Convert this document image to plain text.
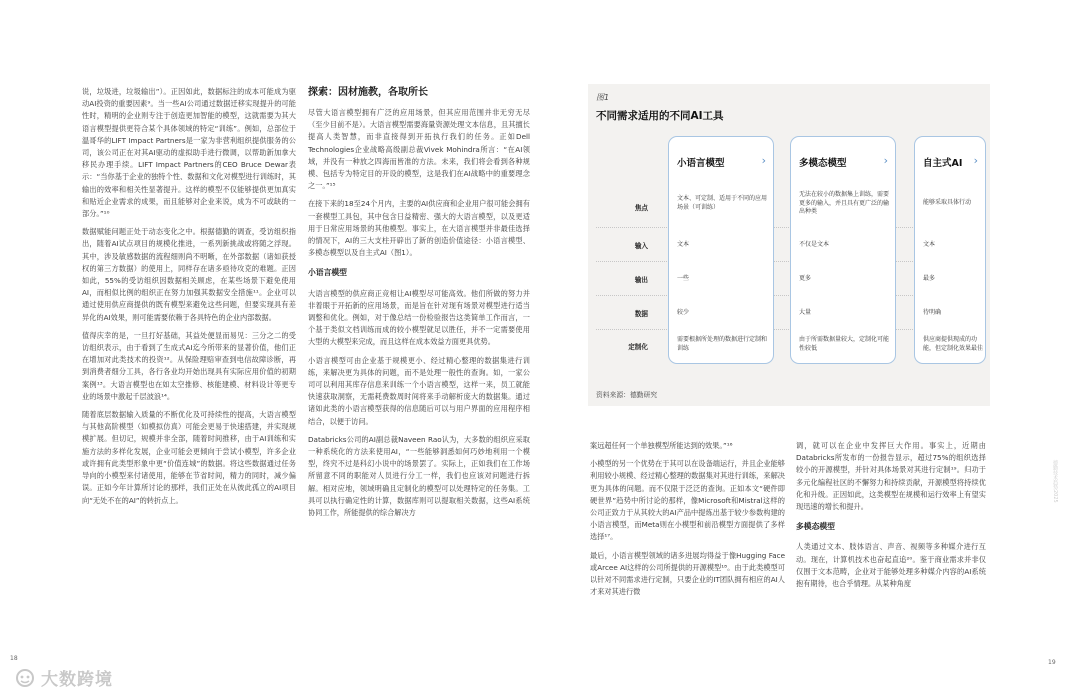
说，垃圾进，垃圾输出”）。正因如此，数据标注的成本可能成为驱动AI投资的重要因素⁹。当一些AI公司通过数据迁移实现提升的可能性时，精明的企业则专注于创造更加智能的模型，这就需要为其大语言模型提供更符合某个具体领域的特定“训练”。例如，总部位于温哥华的LIFT Impact Partners是一家为非营利组织提供服务的公司，该公司正在对其AI驱动的虚拟助手进行微调，以帮助新加拿大移民办理手续。LIFT Impact Partners的CEO Bruce Dewar表示：“当你基于企业的独特个性、数据和文化对模型进行训练时，其输出的效率和相关性显著提升。这样的模型不仅能够提供更加真实和贴近企业需求的成果，而且能够对企业来说，成为不可或缺的一部分。”¹⁰

数据赋能问题正处于动态变化之中。根据德勤的调查，受访组织指出，随着AI试点项目的规模化推进，一系列新挑战或将随之浮现。其中，涉及敏感数据的流程细则尚不明晰，在外部数据（诸如获授权的第三方数据）的使用上，同样存在诸多亟待攻克的难题。正因如此，55%的受访组织因数据相关顾虑，在某些场景下避免使用AI，而相似比例的组织正在努力加强其数据安全措施¹¹。企业可以通过使用供应商提供的既有模型来避免这些问题，但要实现具有差异化的AI效果，则可能需要依赖于各具特色的企业内部数据。

值得庆幸的是，一旦打好基础，其益处便显而易见：三分之二的受访组织表示，由于看到了生成式AI迄今所带来的显著价值，他们正在增加对此类技术的投资¹²。从保险理赔审查到电信故障诊断，再到消费者细分工具，各行各业均开始出现具有实际应用价值的初期案例¹³。大语言模型也在如太空推修、核能建模、材料设计等更专业的场景中激起千层波浪¹⁴。

随着底层数据输入质量的不断优化及可持续性的提高，大语言模型与其他高阶模型（如模拟仿真）可能会更易于快速搭建，并实现规模扩展。但切记，规模并非全部，随着时间推移，由于AI训练和实施方法的多样化发展，企业可能会更倾向于尝试小模型，许多企业或许拥有此类型形象中更“价值连城”的数据。将这些数据通过任务导向的小模型来付诸使用，能够在节省时间，精力的同时，减少偏误。正如今年计算所讨论的那样，我们正处在从彼此孤立的AI项目向“无处不在的AI”的转折点上。

探索：因材施教，各取所长

尽管大语言模型拥有广泛的应用场景，但其应用范围并非无穷无尽（至少目前不是）。大语言模型需要海量资源处理文本信息，且其擅长提高人类智慧，而非直接得到开拓执行我们的任务。正如Dell Technologies企业战略高级副总裁Vivek Mohindra所言：“在AI领域，并没有一种放之四海而皆准的方法。未来，我们将会看到各种规模、包括专为特定目的开设的模型，这是我们在AI战略中的重要理念之一。”¹⁵

在接下来的18至24个月内，主要的AI供应商和企业用户很可能会拥有一套模型工具包，其中包含日益精密、强大的大语言模型，以及更适用于日常应用场景的其他模型。事实上，在大语言模型并非最佳选择的情况下，AI的三大支柱开辟出了新的创造价值途径：小语言模型、多模态模型以及自主式AI（图1）。

小语言模型

大语言模型的供应商正竞相让AI模型尽可能高效。他们所做的努力并非着眼于开拓新的应用场景，而是旨在针对现有场景对模型进行适当调整和优化。例如，对于像总结一份检验报告这类简单工作而言，一个基于类似文档训练而成的较小模型就足以胜任，并不一定需要使用大型的大模型来完成，而且这样在成本效益方面更具优势。

小语言模型可由企业基于规模更小、经过精心整理的数据集进行训练，来解决更为具体的问题，而不是处理一般性的查询。如，一家公司可以利用其库存信息来训练一个小语言模型，这样一来，员工就能快速获取洞察，无需耗费数周时间将来手动解析庞大的数据集。通过诸如此类的小语言模型获得的信息随后可以与用户界面的应用程序相结合，以便于访问。

Databricks公司的AI副总裁Naveen Rao认为，大多数的组织应采取一种系统化的方法来使用AI，“一些能够洞悉如何巧妙地利用一个模型，终究不过是科幻小说中的场景罢了。实际上，正如我们在工作场所留意不同的职能对人员进行分工一样，我们也应该对问题进行拆解。相对应地，领域明确且定制化的模型可以处理特定的任务集。工具可以执行确定性的计算，数据库则可以提取相关数据，这些AI系统协同工作，所能提供的综合解决方

图1
不同需求适用的不同AI工具
焦点
输入
输出
数据
定制化
小语言模型	›
文本、可定制、适用于不同的应用场景（可训练）
文本
一些
较少
需要根据所处理的数据进行定制和训练
多模态模型	›
无法在较小的数据集上训练，需要更多的输入，并且具有更广泛的输出种类
不仅是文本
更多
大量
由于所需数据量较大，定制化可能性较低
自主式AI ›
能够采取具体行动
文本
最多
待明确
供应商提供现成的功能，但定制化效果最佳
资料来源：德勤研究

案远超任何一个单独模型所能达到的效果。”¹⁶

小模型的另一个优势在于其可以在设备端运行，并且企业能够利用较小规模、经过精心整理的数据集对其进行训练，来解决更为具体的问题。而不仅限于泛泛的查询。正如本文“硬件即硬世界”趋势中所讨论的那样，像Microsoft和Mistral这样的公司正致力于从其较大的AI产品中提炼出基于较少参数构建的小语言模型，而Meta则在小模型和前沿模型方面提供了多样选择¹⁷。

最后，小语言模型领域的诸多进展均得益于像Hugging Face或Arcee AI这样的公司所提供的开源模型¹⁸。由于此类模型可以针对不同需求进行定制，只要企业的IT团队拥有相应的AI人才来对其进行微

调，就可以在企业中发挥巨大作用。事实上，近期由Databricks所发布的一份报告显示，超过75%的组织选择较小的开源模型，并针对具体场景对其进行定制¹⁹。归功于多元化编程社区的不懈努力和持续贡献，开源模型将持续优化和升级。正因如此，这类模型在规模和运行效率上有望实现迅速的增长和提升。

多模态模型

人类通过文本、肢体语言、声音、视频等多种媒介进行互动。现在，计算机技术也奋起直追²⁰。鉴于商业需求并非仅仅围于文本范畴，企业对于能够处理多种媒介内容的AI系统抱有期待，也合乎情理。从某种角度

德勤技术趋势2025
18
19
大数跨境
